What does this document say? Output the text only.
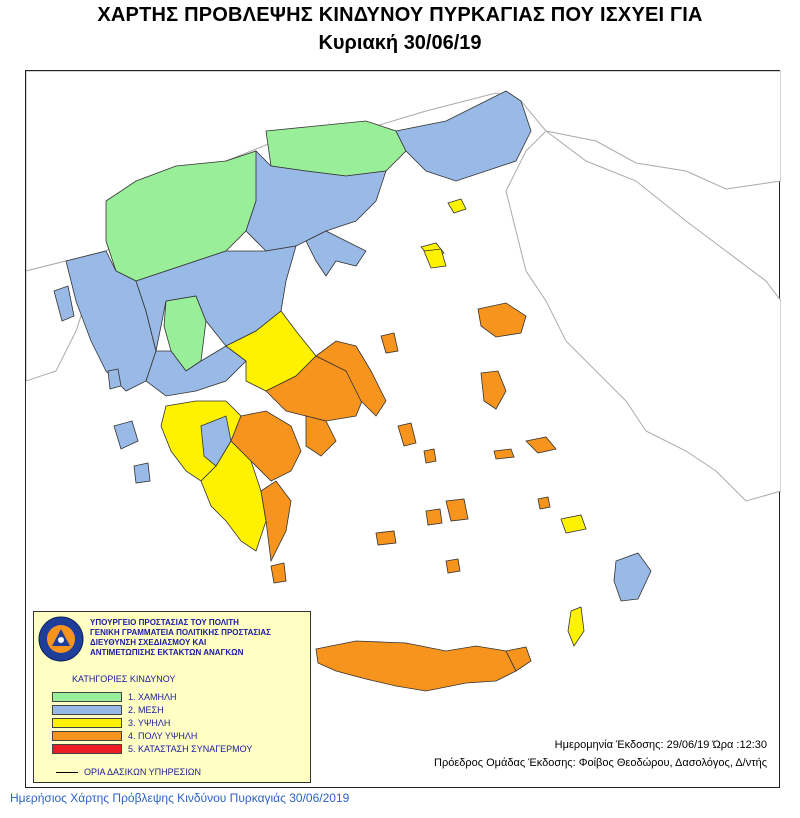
ΧΑΡΤΗΣ ΠΡΟΒΛΕΨΗΣ ΚΙΝΔΥΝΟΥ ΠΥΡΚΑΓΙΑΣ ΠΟΥ ΙΣΧΥΕΙ ΓΙΑ
Κυριακή 30/06/19
ΥΠΟΥΡΓΕΙΟ ΠΡΟΣΤΑΣΙΑΣ ΤΟΥ ΠΟΛΙΤΗ
ΓΕΝΙΚΗ ΓΡΑΜΜΑΤΕΙΑ ΠΟΛΙΤΙΚΗΣ ΠΡΟΣΤΑΣΙΑΣ
ΔΙΕΥΘΥΝΣΗ ΣΧΕΔΙΑΣΜΟΥ ΚΑΙ
ΑΝΤΙΜΕΤΩΠΙΣΗΣ ΕΚΤΑΚΤΩΝ ΑΝΑΓΚΩΝ
ΚΑΤΗΓΟΡΙΕΣ ΚΙΝΔΥΝΟΥ
1. ΧΑΜΗΛΗ
2. ΜΕΣΗ
3. ΥΨΗΛΗ
4. ΠΟΛΥ ΥΨΗΛΗ
5. ΚΑΤΑΣΤΑΣΗ ΣΥΝΑΓΕΡΜΟΥ
ΟΡΙΑ ΔΑΣΙΚΩΝ ΥΠΗΡΕΣΙΩΝ
Ημερομηνία Έκδοσης: 29/06/19 Ώρα :12:30
Πρόεδρος Ομάδας Έκδοσης: Φοίβος Θεοδώρου, Δασολόγος, Δ/ντής
Ημερήσιος Χάρτης Πρόβλεψης Κινδύνου Πυρκαγιάς 30/06/2019
